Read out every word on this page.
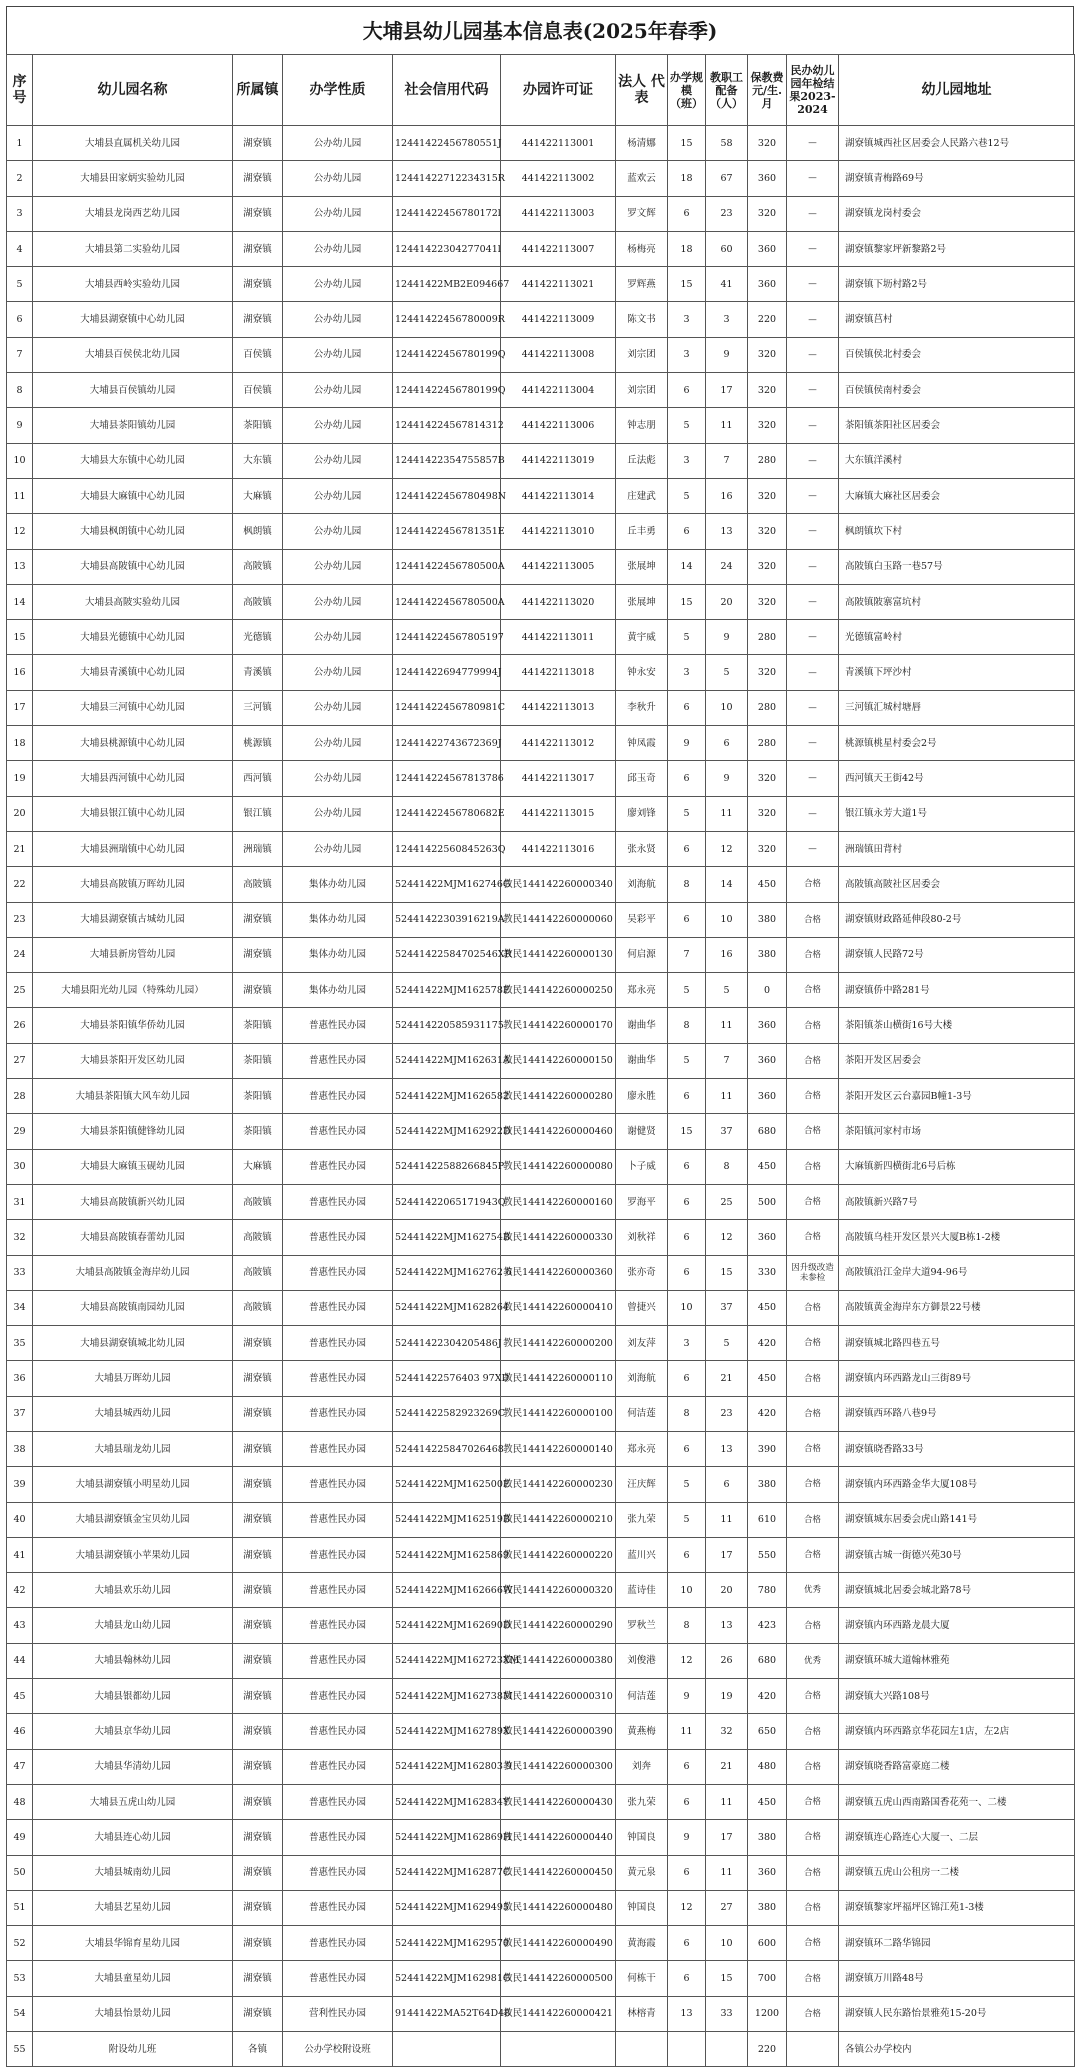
大埔县幼儿园基本信息表(2025年春季)
序号	幼儿园名称	所属镇	办学性质	社会信用代码	办园许可证	法人 代表	办学规模（班）	教职工配备（人）	保教费元/生.月	民办幼儿园年检结果2023-2024	幼儿园地址
1	大埔县直属机关幼儿园	湖寮镇	公办幼儿园	12441422456780551J	441422113001	杨清娜	15	58	320	—	湖寮镇城西社区居委会人民路六巷12号
2	大埔县田家炳实验幼儿园	湖寮镇	公办幼儿园	12441422712234315R	441422113002	蓝欢云	18	67	360	—	湖寮镇青梅路69号
3	大埔县龙岗西艺幼儿园	湖寮镇	公办幼儿园	12441422456780172l	441422113003	罗文辉	6	23	320	—	湖寮镇龙岗村委会
4	大埔县第二实验幼儿园	湖寮镇	公办幼儿园	12441422304277041l	441422113007	杨梅亮	18	60	360	—	湖寮镇黎家坪新黎路2号
5	大埔县西岭实验幼儿园	湖寮镇	公办幼儿园	12441422MB2E094667	441422113021	罗辉燕	15	41	360	—	湖寮镇下坜村路2号
6	大埔县湖寮镇中心幼儿园	湖寮镇	公办幼儿园	12441422456780009R	441422113009	陈文书	3	3	220	—	湖寮镇莒村
7	大埔县百侯侯北幼儿园	百侯镇	公办幼儿园	12441422456780199Q	441422113008	刘宗团	3	9	320	—	百侯镇侯北村委会
8	大埔县百侯镇幼儿园	百侯镇	公办幼儿园	12441422456780199Q	441422113004	刘宗团	6	17	320	—	百侯镇侯南村委会
9	大埔县茶阳镇幼儿园	茶阳镇	公办幼儿园	124414224567814312	441422113006	钟志朋	5	11	320	—	茶阳镇茶阳社区居委会
10	大埔县大东镇中心幼儿园	大东镇	公办幼儿园	12441422354755857B	441422113019	丘法彪	3	7	280	—	大东镇洋溪村
11	大埔县大麻镇中心幼儿园	大麻镇	公办幼儿园	12441422456780498N	441422113014	庄建武	5	16	320	—	大麻镇大麻社区居委会
12	大埔县枫朗镇中心幼儿园	枫朗镇	公办幼儿园	12441422456781351E	441422113010	丘丰勇	6	13	320	—	枫朗镇坎下村
13	大埔县高陂镇中心幼儿园	高陂镇	公办幼儿园	12441422456780500A	441422113005	张展坤	14	24	320	—	高陂镇白玉路一巷57号
14	大埔县高陂实验幼儿园	高陂镇	公办幼儿园	12441422456780500A	441422113020	张展坤	15	20	320	—	高陂镇陂寨富坑村
15	大埔县光德镇中心幼儿园	光德镇	公办幼儿园	124414224567805197	441422113011	黄宇威	5	9	280	—	光德镇富岭村
16	大埔县青溪镇中心幼儿园	青溪镇	公办幼儿园	12441422694779994J	441422113018	钟永安	3	5	320	—	青溪镇下坪沙村
17	大埔县三河镇中心幼儿园	三河镇	公办幼儿园	12441422456780981C	441422113013	李秋升	6	10	280	—	三河镇汇城村塘唇
18	大埔县桃源镇中心幼儿园	桃源镇	公办幼儿园	12441422743672369J	441422113012	钟凤霞	9	6	280	—	桃源镇桃星村委会2号
19	大埔县西河镇中心幼儿园	西河镇	公办幼儿园	124414224567813786	441422113017	邱玉奇	6	9	320	—	西河镇天王街42号
20	大埔县银江镇中心幼儿园	银江镇	公办幼儿园	12441422456780682E	441422113015	廖刘锋	5	11	320	—	银江镇永芳大道1号
21	大埔县洲瑞镇中心幼儿园	洲瑞镇	公办幼儿园	12441422560845263Q	441422113016	张永贤	6	12	320	—	洲瑞镇田背村
22	大埔县高陂镇万晖幼儿园	高陂镇	集体办幼儿园	52441422MJM162746G	教民144142260000340	刘海航	8	14	450	合格	高陂镇高陂社区居委会
23	大埔县湖寮镇古城幼儿园	湖寮镇	集体办幼儿园	52441422303916219A	教民144142260000060	吴彩平	6	10	380	合格	湖寮镇财政路延伸段80-2号
24	大埔县新房管幼儿园	湖寮镇	集体办幼儿园	52441422584702546XR	教民144142260000130	何启源	7	16	380	合格	湖寮镇人民路72号
25	大埔县阳光幼儿园（特殊幼儿园）	湖寮镇	集体办幼儿园	52441422MJM162578E	教民144142260000250	郑永亮	5	5	0	合格	湖寮镇侨中路281号
26	大埔县茶阳镇华侨幼儿园	茶阳镇	普惠性民办园	524414220585931175	教民144142260000170	谢曲华	8	11	360	合格	茶阳镇茶山横街16号大楼
27	大埔县茶阳开发区幼儿园	茶阳镇	普惠性民办园	52441422MJM162631A	教民144142260000150	谢曲华	5	7	360	合格	茶阳开发区居委会
28	大埔县茶阳镇大风车幼儿园	茶阳镇	普惠性民办园	52441422MJM1626582	教民144142260000280	廖永胜	6	11	360	合格	茶阳开发区云台嘉园B幢1-3号
29	大埔县茶阳镇健锋幼儿园	茶阳镇	普惠性民办园	52441422MJM162922D	教民144142260000460	谢健贤	15	37	680	合格	茶阳镇河家村市场
30	大埔县大麻镇玉砚幼儿园	大麻镇	普惠性民办园	52441422588266845P	教民144142260000080	卜子威	6	8	450	合格	大麻镇新四横街北6号后栋
31	大埔县高陂镇新兴幼儿园	高陂镇	普惠性民办园	52441422065171943Q	教民144142260000160	罗海平	6	25	500	合格	高陂镇新兴路7号
32	大埔县高陂镇春蕾幼儿园	高陂镇	普惠性民办园	52441422MJM162754B	教民144142260000330	刘秋祥	6	12	360	合格	高陂镇乌桂开发区景兴大厦B栋1-2楼
33	大埔县高陂镇金海岸幼儿园	高陂镇	普惠性民办园	52441422MJM162762 6	教民144142260000360	张亦奇	6	15	330	因升级改造未参检	高陂镇沿江金岸大道94-96号
34	大埔县高陂镇南园幼儿园	高陂镇	普惠性民办园	52441422MJM1628264	教民144142260000410	曾捷兴	10	37	450	合格	高陂镇黄金海岸东方御景22号楼
35	大埔县湖寮镇城北幼儿园	湖寮镇	普惠性民办园	52441422304205486J	教民144142260000200	刘友萍	3	5	420	合格	湖寮镇城北路四巷五号
36	大埔县万晖幼儿园	湖寮镇	普惠性民办园	52441422576403 97XD	教民144142260000110	刘海航	6	21	450	合格	湖寮镇内环西路龙山三街89号
37	大埔县城西幼儿园	湖寮镇	普惠性民办园	52441422582923269C	教民144142260000100	何洁莲	8	23	420	合格	湖寮镇西环路八巷9号
38	大埔县瑞龙幼儿园	湖寮镇	普惠性民办园	524414225847026468	教民144142260000140	郑永亮	6	13	390	合格	湖寮镇晓香路33号
39	大埔县湖寮镇小明星幼儿园	湖寮镇	普惠性民办园	52441422MJM162500E	教民144142260000230	汪庆辉	5	6	380	合格	湖寮镇内环西路金华大厦108号
40	大埔县湖寮镇金宝贝幼儿园	湖寮镇	普惠性民办园	52441422MJM162519B	教民144142260000210	张九荣	5	11	610	合格	湖寮镇城东居委会虎山路141号
41	大埔县湖寮镇小苹果幼儿园	湖寮镇	普惠性民办园	52441422MJM1625869	教民144142260000220	蓝川兴	6	17	550	合格	湖寮镇古城一街德兴苑30号
42	大埔县欢乐幼儿园	湖寮镇	普惠性民办园	52441422MJM162666W	教民144142260000320	蓝诗佳	10	20	780	优秀	湖寮镇城北居委会城北路78号
43	大埔县龙山幼儿园	湖寮镇	普惠性民办园	52441422MJM162690D	教民144142260000290	罗秋兰	8	13	423	合格	湖寮镇内环西路龙晨大厦
44	大埔县翰林幼儿园	湖寮镇	普惠性民办园	52441422MJM162723XM	教民144142260000380	刘俊港	12	26	680	优秀	湖寮镇环城大道翰林雅苑
45	大埔县银都幼儿园	湖寮镇	普惠性民办园	52441422MJM162738M	教民144142260000310	何洁莲	9	19	420	合格	湖寮镇大兴路108号
46	大埔县京华幼儿园	湖寮镇	普惠性民办园	52441422MJM162789X	教民144142260000390	黄燕梅	11	32	650	合格	湖寮镇内环西路京华花园左1店，左2店
47	大埔县华清幼儿园	湖寮镇	普惠性民办园	52441422MJM162803 9	教民144142260000300	刘奔	6	21	480	合格	湖寮镇晓香路富豪庭二楼
48	大埔县五虎山幼儿园	湖寮镇	普惠性民办园	52441422MJM162834Y	教民144142260000430	张九荣	6	11	450	合格	湖寮镇五虎山西南路国香花苑一、二楼
49	大埔县连心幼儿园	湖寮镇	普惠性民办园	52441422MJM162869H	教民144142260000440	钟国良	9	17	380	合格	湖寮镇连心路连心大厦一、二层
50	大埔县城南幼儿园	湖寮镇	普惠性民办园	52441422MJM162877C	教民144142260000450	黄元泉	6	11	360	合格	湖寮镇五虎山公租房一二楼
51	大埔县艺星幼儿园	湖寮镇	普惠性民办园	52441422MJM1629495	教民144142260000480	钟国良	12	27	380	合格	湖寮镇黎家坪福坪区锦江苑1-3楼
52	大埔县华锦育星幼儿园	湖寮镇	普惠性民办园	52441422MJM1629570	教民144142260000490	黄海霞	6	10	600	合格	湖寮镇环二路华锦园
53	大埔县童星幼儿园	湖寮镇	普惠性民办园	52441422MJM162981G	教民144142260000500	何栋干	6	15	700	合格	湖寮镇万川路48号
54	大埔县怡景幼儿园	湖寮镇	营利性民办园	91441422MA52T64D48	教民144142260000421	林榕青	13	33	1200	合格	湖寮镇人民东路怡景雅苑15-20号
55	附设幼儿班	各镇	公办学校附设班						220		各镇公办学校内
